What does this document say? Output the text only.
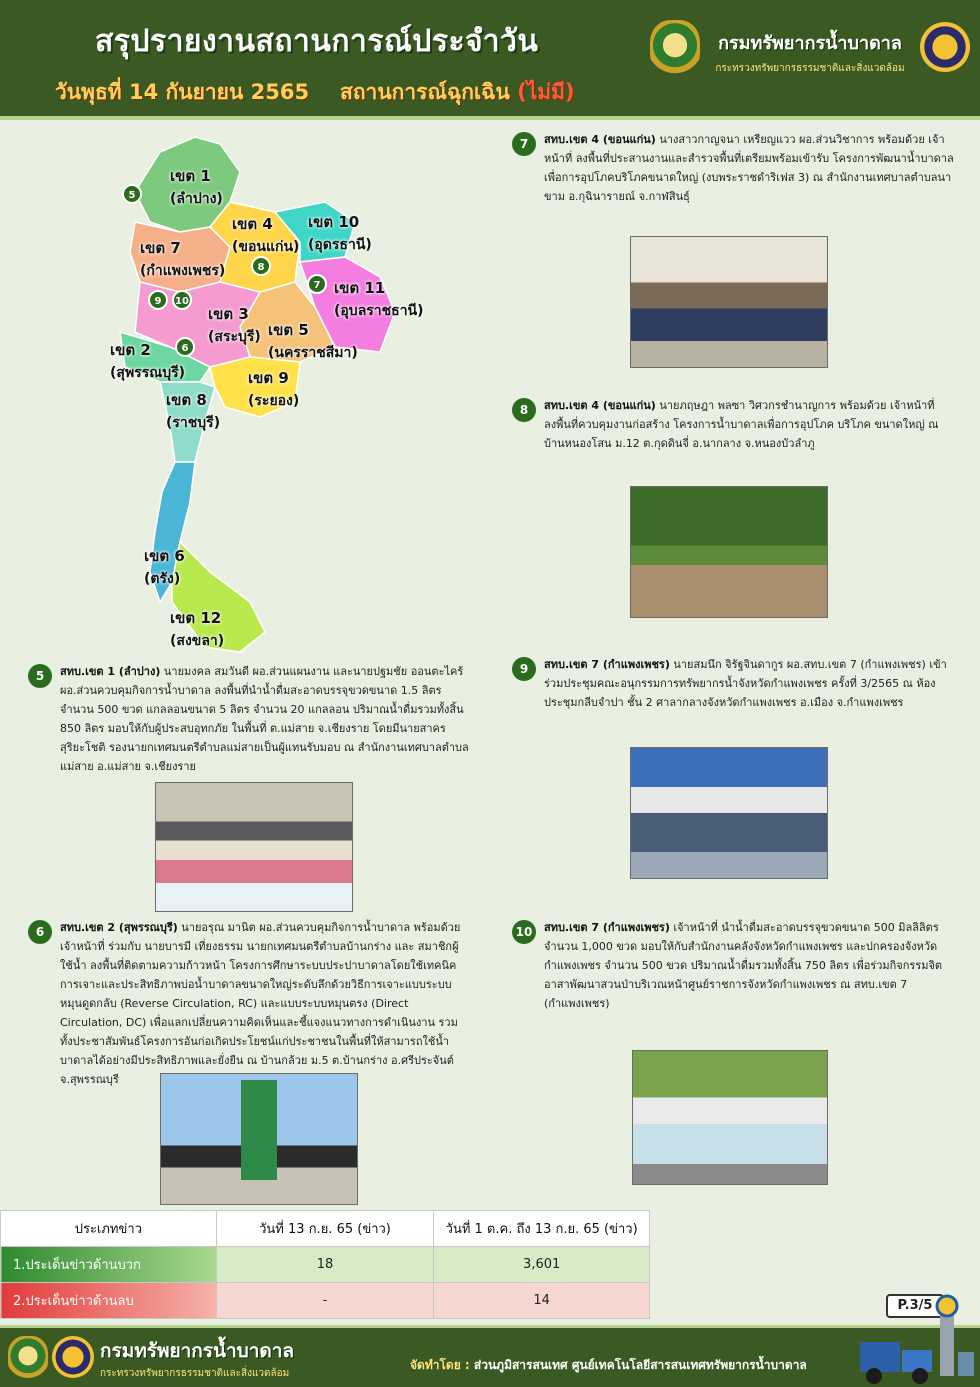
สรุปรายงานสถานการณ์ประจำวัน
วันพุธที่ 14 กันยายน 2565 สถานการณ์ฉุกเฉิน (ไม่มี)
กรมทรัพยากรน้ำบาดาล
กระทรวงทรัพยากรธรรมชาติและสิ่งแวดล้อม
เขต 1
(ลำปาง)
เขต 4
(ขอนแก่น)
เขต 10
(อุดรธานี)
เขต 7
(กำแพงเพชร)
เขต 11
(อุบลราชธานี)
เขต 3
(สระบุรี) เขต 5
(นครราชสีมา)
เขต 2
(สุพรรณบุรี)	เขต 9
(ระยอง)
เขต 8
(ราชบุรี)
เขต 6
(ตรัง)
เขต 12
(สงขลา)
5
8
7
9	10
6
5	สทบ.เขต 1 (ลำปาง) นายมงคล สมวันดี ผอ.ส่วนแผนงาน และนายปฐมชัย ออนตะไคร้ ผอ.ส่วนควบคุมกิจการน้ำบาดาล ลงพื้นที่นำน้ำดื่มสะอาดบรรจุขวดขนาด 1.5 ลิตร จำนวน 500 ขวด แกลลอนขนาด 5 ลิตร จำนวน 20 แกลลอน ปริมาณน้ำดื่มรวมทั้งสิ้น 850 ลิตร มอบให้กับผู้ประสบอุทกภัย ในพื้นที่ ต.แม่สาย จ.เชียงราย โดยมีนายสาคร สุริยะโชติ รองนายกเทศมนตรีตำบลแม่สายเป็นผู้แทนรับมอบ ณ สำนักงานเทศบาลตำบลแม่สาย อ.แม่สาย จ.เชียงราย
6	สทบ.เขต 2 (สุพรรณบุรี) นายอรุณ มานิต ผอ.ส่วนควบคุมกิจการน้ำบาดาล พร้อมด้วยเจ้าหน้าที่ ร่วมกับ นายบารมี เที่ยงธรรม นายกเทศมนตรีตำบลบ้านกร่าง และ สมาชิกผู้ใช้น้ำ ลงพื้นที่ติดตามความก้าวหน้า โครงการศึกษาระบบประปาบาดาลโดยใช้เทคนิคการเจาะและประสิทธิภาพบ่อน้ำบาดาลขนาดใหญ่ระดับลึกด้วยวิธีการเจาะแบบระบบหมุนดูดกลับ (Reverse Circulation, RC) และแบบระบบหมุนตรง (Direct Circulation, DC) เพื่อแลกเปลี่ยนความคิดเห็นและชี้แจงแนวทางการดำเนินงาน รวมทั้งประชาสัมพันธ์โครงการอันก่อเกิดประโยชน์แก่ประชาชนในพื้นที่ให้สามารถใช้น้ำบาดาลได้อย่างมีประสิทธิภาพและยั่งยืน ณ บ้านกล้วย ม.5 ต.บ้านกร่าง อ.ศรีประจันต์ จ.สุพรรณบุรี
7	สทบ.เขต 4 (ขอนแก่น) นางสาวกาญจนา เหรียญแวว ผอ.ส่วนวิชาการ พร้อมด้วย เจ้าหน้าที่ ลงพื้นที่ประสานงานและสำรวจพื้นที่เตรียมพร้อมเข้ารับ โครงการพัฒนาน้ำบาดาลเพื่อการอุปโภคบริโภคขนาดใหญ่ (งบพระราชดำริเฟส 3) ณ สำนักงานเทศบาลตำบลนาขาม อ.กุฉินารายณ์ จ.กาฬสินธุ์
8	สทบ.เขต 4 (ขอนแก่น) นายภฤษฎา พลซา วิศวกรชำนาญการ พร้อมด้วย เจ้าหน้าที่ ลงพื้นที่ควบคุมงานก่อสร้าง โครงการน้ำบาดาลเพื่อการอุปโภค บริโภค ขนาดใหญ่ ณ บ้านหนองโสน ม.12 ต.กุดดินจี่ อ.นากลาง จ.หนองบัวลำภู
9	สทบ.เขต 7 (กำแพงเพชร) นายสมนึก จิรัฐจินดากูร ผอ.สทบ.เขต 7 (กำแพงเพชร) เข้าร่วมประชุมคณะอนุกรรมการทรัพยากรน้ำจังหวัดกำแพงเพชร ครั้งที่ 3/2565 ณ ห้องประชุมกลีบจำปา ชั้น 2 ศาลากลางจังหวัดกำแพงเพชร อ.เมือง จ.กำแพงเพชร
10	สทบ.เขต 7 (กำแพงเพชร) เจ้าหน้าที่ นำน้ำดื่มสะอาดบรรจุขวดขนาด 500 มิลลิลิตร จำนวน 1,000 ขวด มอบให้กับสำนักงานคลังจังหวัดกำแพงเพชร และปกครองจังหวัดกำแพงเพชร จำนวน 500 ขวด ปริมาณน้ำดื่มรวมทั้งสิ้น 750 ลิตร เพื่อร่วมกิจกรรมจิตอาสาพัฒนาสวนป่าบริเวณหน้าศูนย์ราชการจังหวัดกำแพงเพชร ณ สทบ.เขต 7 (กำแพงเพชร)
ประเภทข่าว	วันที่ 13 ก.ย. 65 (ข่าว)	วันที่ 1 ต.ค. ถึง 13 ก.ย. 65 (ข่าว)
1.ประเด็นข่าวด้านบวก	18	3,601
2.ประเด็นข่าวด้านลบ	-	14	P.3/5
กรมทรัพยากรน้ำบาดาล
กระทรวงทรัพยากรธรรมชาติและสิ่งแวดล้อม
จัดทำโดย : ส่วนภูมิสารสนเทศ ศูนย์เทคโนโลยีสารสนเทศทรัพยากรน้ำบาดาล
